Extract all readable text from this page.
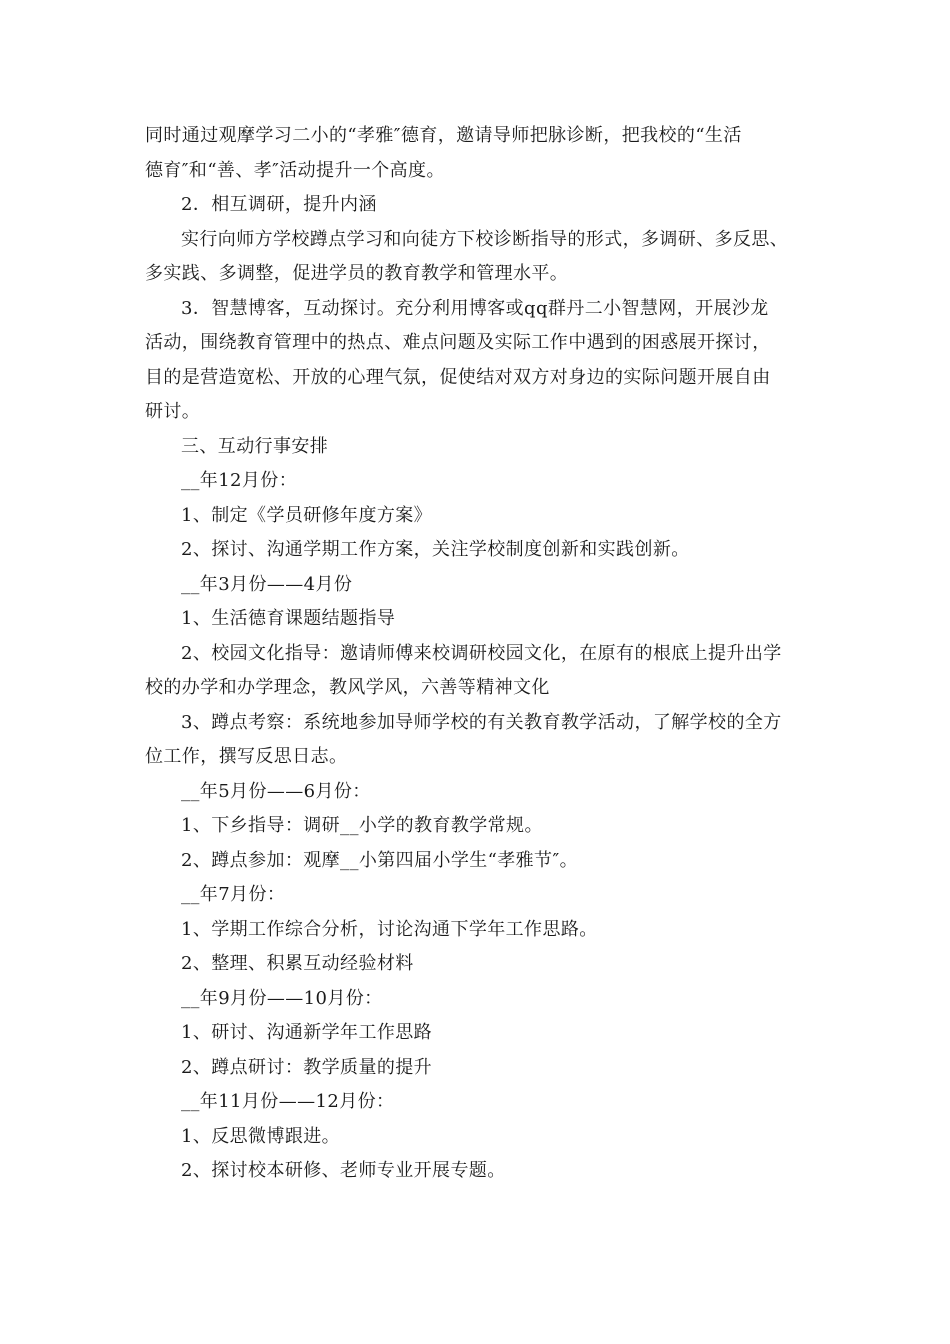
同时通过观摩学习二小的“孝雅″德育，邀请导师把脉诊断，把我校的“生活
德育″和“善、孝″活动提升一个高度。
2．相互调研，提升内涵
实行向师方学校蹲点学习和向徒方下校诊断指导的形式，多调研、多反思、
多实践、多调整，促进学员的教育教学和管理水平。
3．智慧博客，互动探讨。充分利用博客或qq群丹二小智慧网，开展沙龙
活动，围绕教育管理中的热点、难点问题及实际工作中遇到的困惑展开探讨，
目的是营造宽松、开放的心理气氛，促使结对双方对身边的实际问题开展自由
研讨。
三、互动行事安排
__年12月份：
1、制定《学员研修年度方案》
2、探讨、沟通学期工作方案，关注学校制度创新和实践创新。
__年3月份——4月份
1、生活德育课题结题指导
2、校园文化指导：邀请师傅来校调研校园文化，在原有的根底上提升出学
校的办学和办学理念，教风学风，六善等精神文化
3、蹲点考察：系统地参加导师学校的有关教育教学活动，了解学校的全方
位工作，撰写反思日志。
__年5月份——6月份：
1、下乡指导：调研__小学的教育教学常规。
2、蹲点参加：观摩__小第四届小学生“孝雅节″。
__年7月份：
1、学期工作综合分析，讨论沟通下学年工作思路。
2、整理、积累互动经验材料
__年9月份——10月份：
1、研讨、沟通新学年工作思路
2、蹲点研讨：教学质量的提升
__年11月份——12月份：
1、反思微博跟进。
2、探讨校本研修、老师专业开展专题。
